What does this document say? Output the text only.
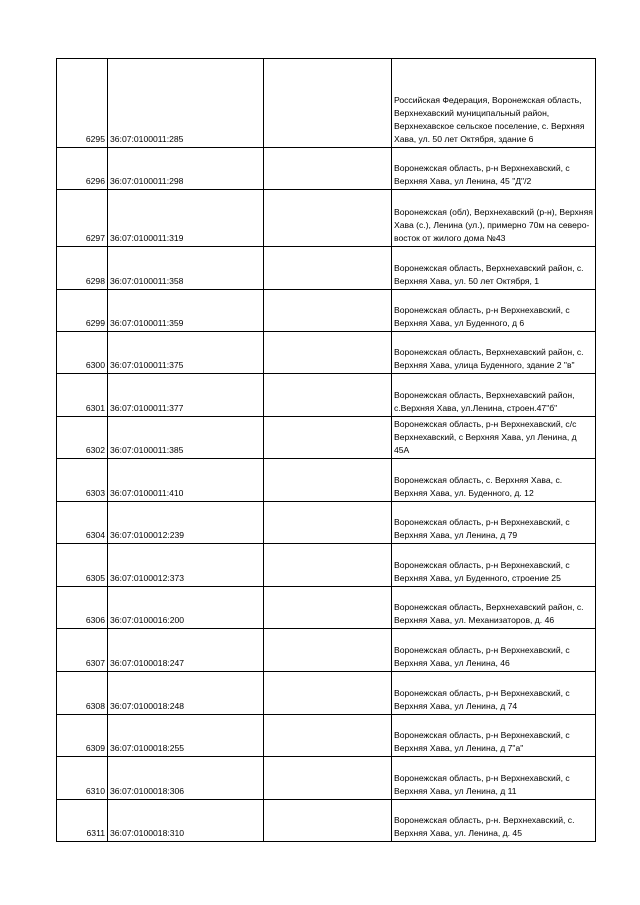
6295	36:07:0100011:285		Российская Федерация, Воронежская область, Верхнехавский муниципальный район, Верхнехавское сельское поселение, с. Верхняя Хава, ул. 50 лет Октября, здание 6
6296	36:07:0100011:298		Воронежская область, р-н Верхнехавский, с Верхняя Хава, ул Ленина, 45 "Д"/2
6297	36:07:0100011:319		Воронежская (обл), Верхнехавский (р-н), Верхняя Хава (с.), Ленина (ул.), примерно 70м на северо-восток от жилого дома №43
6298	36:07:0100011:358		Воронежская область, Верхнехавский район, с. Верхняя Хава, ул. 50 лет Октября, 1
6299	36:07:0100011:359		Воронежская область, р-н Верхнехавский, с Верхняя Хава, ул Буденного, д 6
6300	36:07:0100011:375		Воронежская область, Верхнехавский район, с. Верхняя Хава, улица Буденного, здание 2 "в"
6301	36:07:0100011:377		Воронежская область, Верхнехавский район, с.Верхняя Хава, ул.Ленина, строен.47"б"
6302	36:07:0100011:385		Воронежская область, р-н Верхнехавский, с/с Верхнехавский, с Верхняя Хава, ул Ленина, д 45А
6303	36:07:0100011:410		Воронежская область, с. Верхняя Хава, с. Верхняя Хава, ул. Буденного, д. 12
6304	36:07:0100012:239		Воронежская область, р-н Верхнехавский, с Верхняя Хава, ул Ленина, д 79
6305	36:07:0100012:373		Воронежская область, р-н Верхнехавский, с Верхняя Хава, ул Буденного, строение 25
6306	36:07:0100016:200		Воронежская область, Верхнехавский район, с. Верхняя Хава, ул. Механизаторов, д. 46
6307	36:07:0100018:247		Воронежская область, р-н Верхнехавский, с Верхняя Хава, ул Ленина, 46
6308	36:07:0100018:248		Воронежская область, р-н Верхнехавский, с Верхняя Хава, ул Ленина, д 74
6309	36:07:0100018:255		Воронежская область, р-н Верхнехавский, с Верхняя Хава, ул Ленина, д 7"а"
6310	36:07:0100018:306		Воронежская область, р-н Верхнехавский, с Верхняя Хава, ул Ленина, д 11
6311	36:07:0100018:310		Воронежская область, р-н. Верхнехавский, с. Верхняя Хава, ул. Ленина, д. 45
